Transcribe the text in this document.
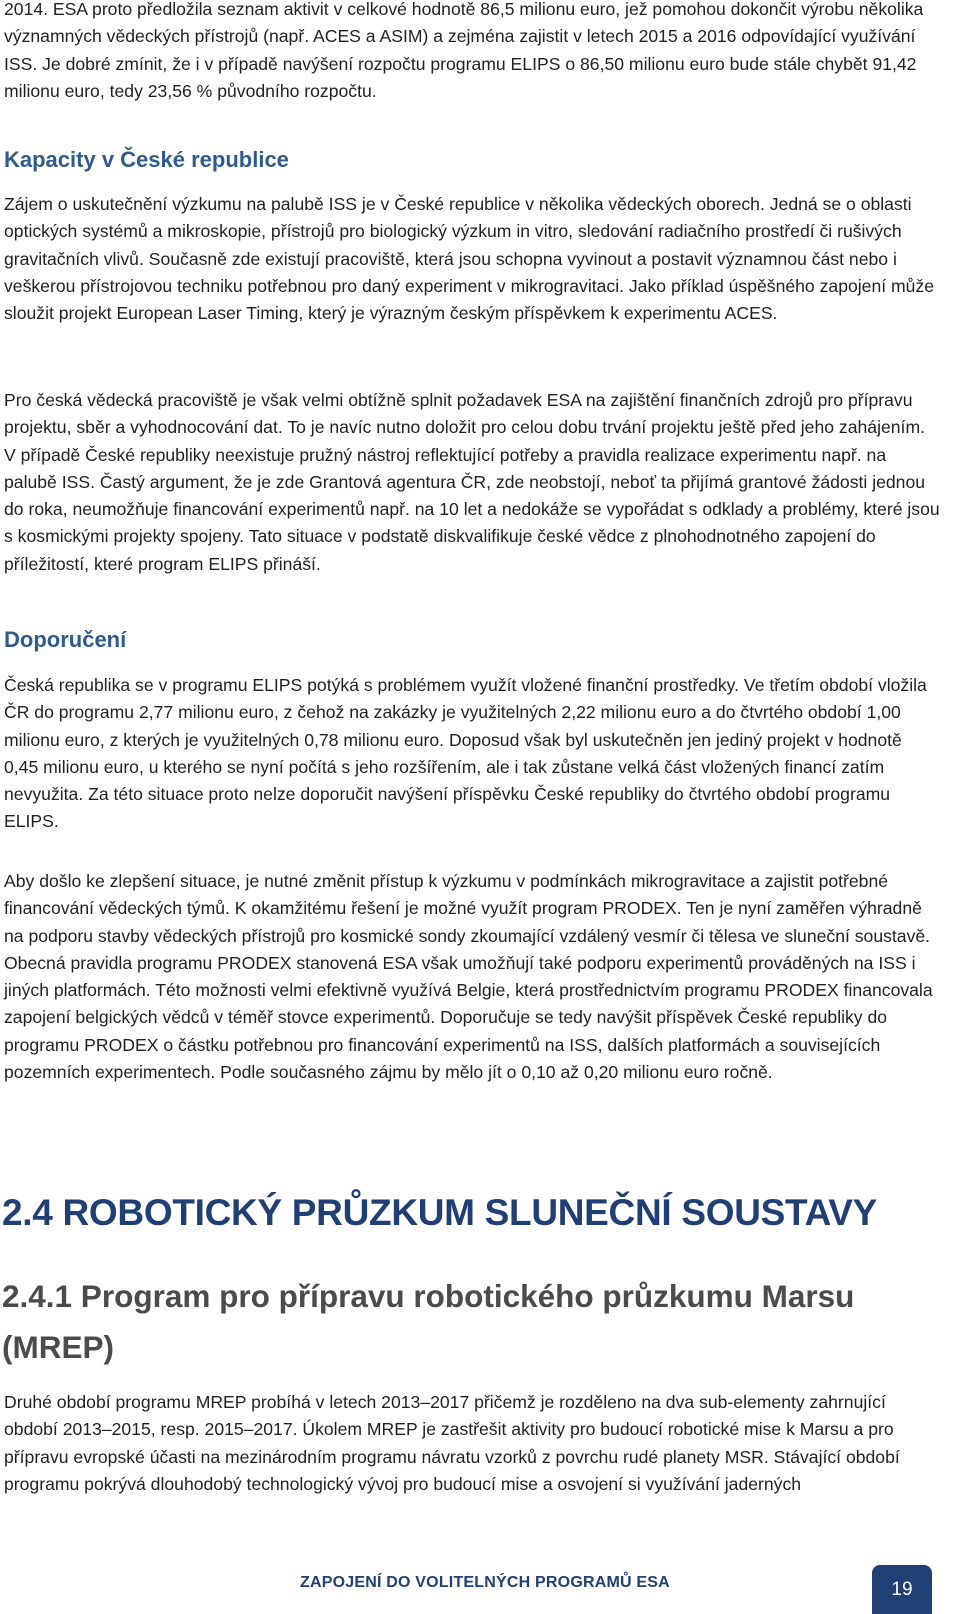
2014. ESA proto předložila seznam aktivit v celkové hodnotě 86,5 milionu euro, jež pomohou dokončit výrobu několika významných vědeckých přístrojů (např. ACES a ASIM) a zejména zajistit v letech 2015 a 2016 odpovídající využívání ISS. Je dobré zmínit, že i v případě navýšení rozpočtu programu ELIPS o 86,50 milionu euro bude stále chybět 91,42 milionu euro, tedy 23,56 % původního rozpočtu.

Kapacity v České republice

Zájem o uskutečnění výzkumu na palubě ISS je v České republice v několika vědeckých oborech. Jedná se o oblasti optických systémů a mikroskopie, přístrojů pro biologický výzkum in vitro, sledování radiačního prostředí či rušivých gravitačních vlivů. Současně zde existují pracoviště, která jsou schopna vyvinout a postavit významnou část nebo i veškerou přístrojovou techniku potřebnou pro daný experiment v mikrogravitaci. Jako příklad úspěšného zapojení může sloužit projekt European Laser Timing, který je výrazným českým příspěvkem k experimentu ACES.

Pro česká vědecká pracoviště je však velmi obtížně splnit požadavek ESA na zajištění finančních zdrojů pro přípravu projektu, sběr a vyhodnocování dat. To je navíc nutno doložit pro celou dobu trvání projektu ještě před jeho zahájením. V případě České republiky neexistuje pružný nástroj reflektující potřeby a pravidla realizace experimentu např. na palubě ISS. Častý argument, že je zde Grantová agentura ČR, zde neobstojí, neboť ta přijímá grantové žádosti jednou do roka, neumožňuje financování experimentů např. na 10 let a nedokáže se vypořádat s odklady a problémy, které jsou s kosmickými projekty spojeny. Tato situace v podstatě diskvalifikuje české vědce z plnohodnotného zapojení do příležitostí, které program ELIPS přináší.

Doporučení

Česká republika se v programu ELIPS potýká s problémem využít vložené finanční prostředky. Ve třetím období vložila ČR do programu 2,77 milionu euro, z čehož na zakázky je využitelných 2,22 milionu euro a do čtvrtého období 1,00 milionu euro, z kterých je využitelných 0,78 milionu euro. Doposud však byl uskutečněn jen jediný projekt v hodnotě 0,45 milionu euro, u kterého se nyní počítá s jeho rozšířením, ale i tak zůstane velká část vložených financí zatím nevyužita. Za této situace proto nelze doporučit navýšení příspěvku České republiky do čtvrtého období programu ELIPS.

Aby došlo ke zlepšení situace, je nutné změnit přístup k výzkumu v podmínkách mikrogravitace a zajistit potřebné financování vědeckých týmů. K okamžitému řešení je možné využít program PRODEX. Ten je nyní zaměřen výhradně na podporu stavby vědeckých přístrojů pro kosmické sondy zkoumající vzdálený vesmír či tělesa ve sluneční soustavě. Obecná pravidla programu PRODEX stanovená ESA však umožňují také podporu experimentů prováděných na ISS i jiných platformách. Této možnosti velmi efektivně využívá Belgie, která prostřednictvím programu PRODEX financovala zapojení belgických vědců v téměř stovce experimentů. Doporučuje se tedy navýšit příspěvek České republiky do programu PRODEX o částku potřebnou pro financování experimentů na ISS, dalších platformách a souvisejících pozemních experimentech. Podle současného zájmu by mělo jít o 0,10 až 0,20 milionu euro ročně.

2.4 ROBOTICKÝ PRŮZKUM SLUNEČNÍ SOUSTAVY
2.4.1 Program pro přípravu robotického průzkumu Marsu (MREP)

Druhé období programu MREP probíhá v letech 2013–2017 přičemž je rozděleno na dva sub-elementy zahrnující období 2013–2015, resp. 2015–2017. Úkolem MREP je zastřešit aktivity pro budoucí robotické mise k Marsu a pro přípravu evropské účasti na mezinárodním programu návratu vzorků z povrchu rudé planety MSR. Stávající období programu pokrývá dlouhodobý technologický vývoj pro budoucí mise a osvojení si využívání jaderných

ZAPOJENÍ DO VOLITELNÝCH PROGRAMŮ ESA	19
